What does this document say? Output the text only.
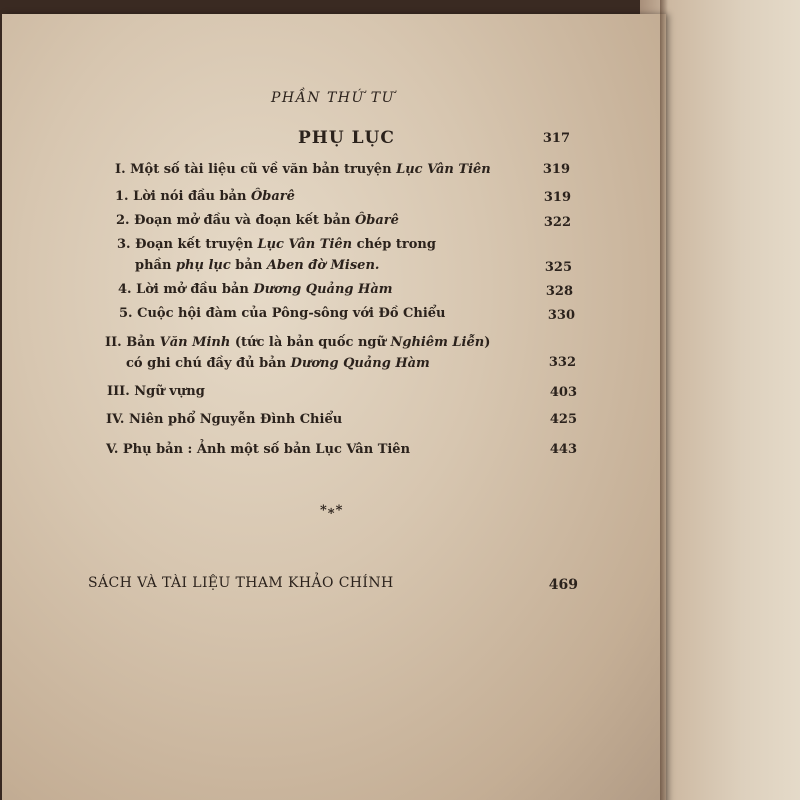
PHẦN THỨ TƯ
PHỤ LỤC	317
I. Một số tài liệu cũ về văn bản truyện Lục Vân Tiên	319
1. Lời nói đầu bản Ôbarê	319
2. Đoạn mở đầu và đoạn kết bản Ôbarê	322
3. Đoạn kết truyện Lục Vân Tiên chép trong
phần phụ lục bản Aben đờ Misen.	325
4. Lời mở đầu bản Dương Quảng Hàm	328
5. Cuộc hội đàm của Pông-sông với Đồ Chiểu	330
II. Bản Văn Minh (tức là bản quốc ngữ Nghiêm Liễn)
có ghi chú đầy đủ bản Dương Quảng Hàm	332
III. Ngữ vựng	403
IV. Niên phổ Nguyễn Đình Chiểu	425
V. Phụ bản : Ảnh một số bản Lục Vân Tiên	443
*⁎*
SÁCH VÀ TÀI LIỆU THAM KHẢO CHÍNH	469
